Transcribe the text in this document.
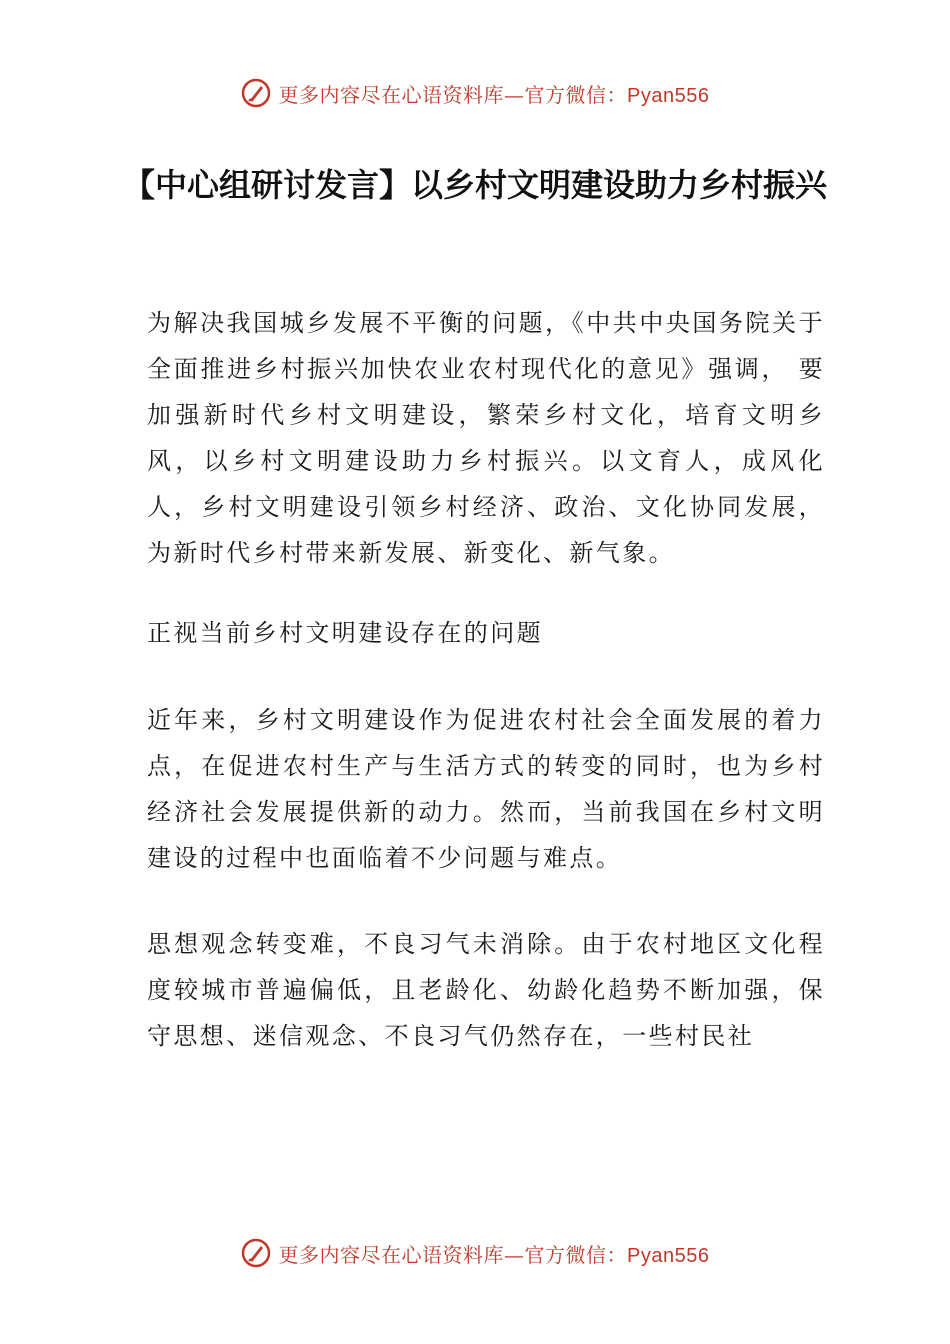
更多内容尽在心语资料库—官方微信：Pyan556
【中心组研讨发言】以乡村文明建设助力乡村振兴

为解决我国城乡发展不平衡的问题，《中共中央国务院关于全面推进乡村振兴加快农业农村现代化的意见》强调， 要加强新时代乡村文明建设，繁荣乡村文化，培育文明乡风，以乡村文明建设助力乡村振兴。以文育人，成风化人，乡村文明建设引领乡村经济、政治、文化协同发展，为新时代乡村带来新发展、新变化、新气象。

正视当前乡村文明建设存在的问题

近年来，乡村文明建设作为促进农村社会全面发展的着力点，在促进农村生产与生活方式的转变的同时，也为乡村经济社会发展提供新的动力。然而，当前我国在乡村文明建设的过程中也面临着不少问题与难点。

思想观念转变难，不良习气未消除。由于农村地区文化程度较城市普遍偏低，且老龄化、幼龄化趋势不断加强，保守思想、迷信观念、不良习气仍然存在，一些村民社

更多内容尽在心语资料库—官方微信：Pyan556
